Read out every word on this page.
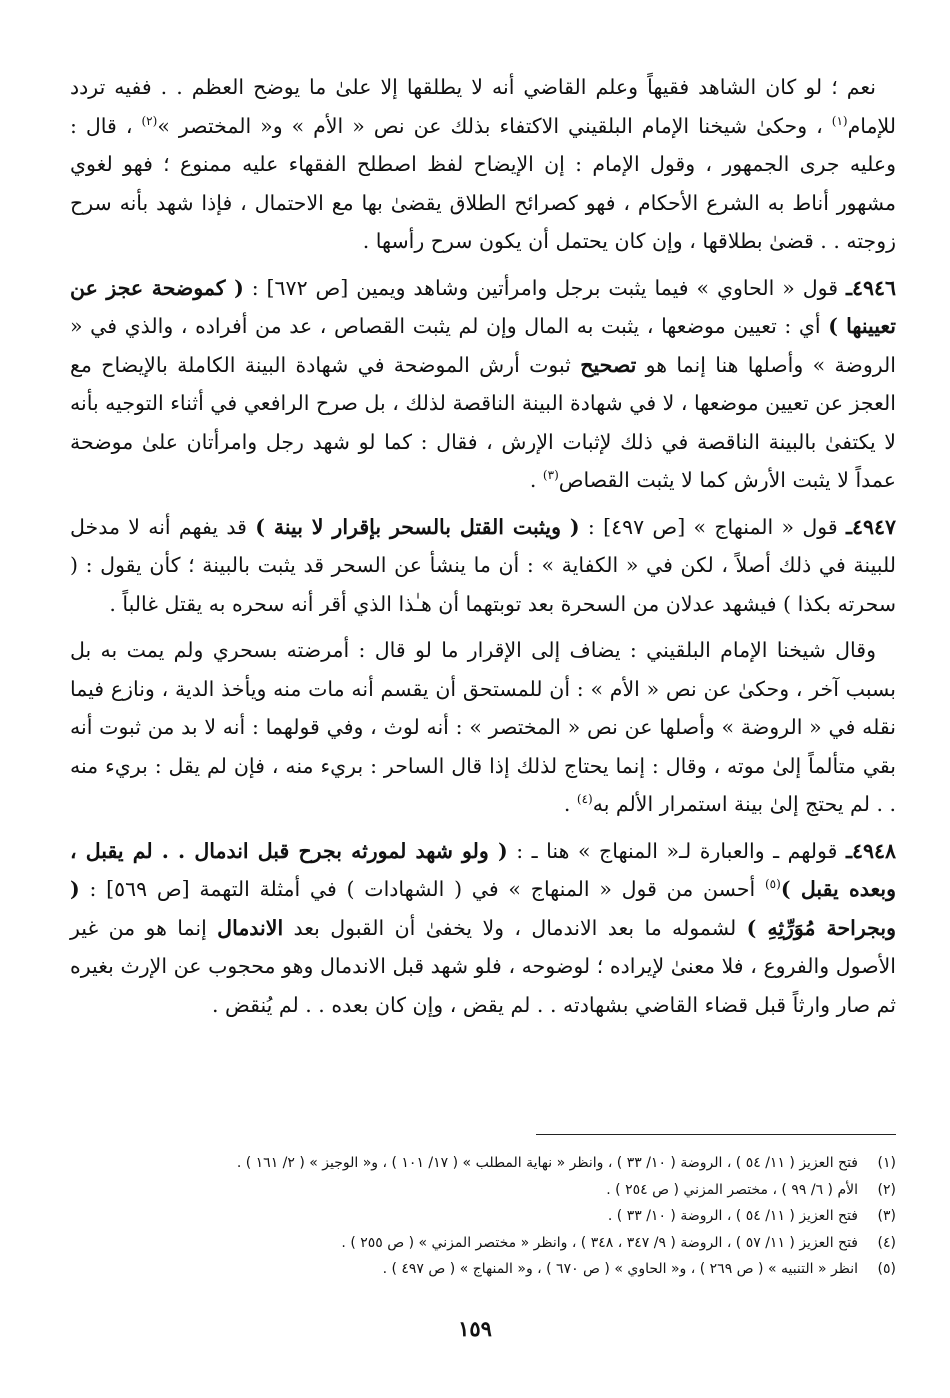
نعم ؛ لو كان الشاهد فقيهاً وعلم القاضي أنه لا يطلقها إلا علىٰ ما يوضح العظم . . ففيه تردد للإمام$^{(١)}$ ، وحكىٰ شيخنا الإمام البلقيني الاكتفاء بذلك عن نص « الأم » و« المختصر »$^{(٢)}$ ، قال : وعليه جرى الجمهور ، وقول الإمام : إن الإيضاح لفظ اصطلح الفقهاء عليه ممنوع ؛ فهو لغوي مشهور أناط به الشرع الأحكام ، فهو كصرائح الطلاق يقضىٰ بها مع الاحتمال ، فإذا شهد بأنه سرح زوجته . . قضىٰ بطلاقها ، وإن كان يحتمل أن يكون سرح رأسها .

٤٩٤٦ـ قول « الحاوي » فيما يثبت برجل وامرأتين وشاهد ويمين [ص ٦٧٢] : ( كموضحة عجز عن تعيينها ) أي : تعيين موضعها ، يثبت به المال وإن لم يثبت القصاص ، عد من أفراده ، والذي في « الروضة » وأصلها هنا إنما هو تصحيح ثبوت أرش الموضحة في شهادة البينة الكاملة بالإيضاح مع العجز عن تعيين موضعها ، لا في شهادة البينة الناقصة لذلك ، بل صرح الرافعي في أثناء التوجيه بأنه لا يكتفىٰ بالبينة الناقصة في ذلك لإثبات الإرش ، فقال : كما لو شهد رجل وامرأتان علىٰ موضحة عمداً لا يثبت الأرش كما لا يثبت القصاص$^{(٣)}$ .

٤٩٤٧ـ قول « المنهاج » [ص ٤٩٧] : ( ويثبت القتل بالسحر بإقرار لا بينة ) قد يفهم أنه لا مدخل للبينة في ذلك أصلاً ، لكن في « الكفاية » : أن ما ينشأ عن السحر قد يثبت بالبينة ؛ كأن يقول : ( سحرته بكذا ) فيشهد عدلان من السحرة بعد توبتهما أن هـٰذا الذي أقر أنه سحره به يقتل غالباً .

وقال شيخنا الإمام البلقيني : يضاف إلى الإقرار ما لو قال : أمرضته بسحري ولم يمت به بل بسبب آخر ، وحكىٰ عن نص « الأم » : أن للمستحق أن يقسم أنه مات منه ويأخذ الدية ، ونازع فيما نقله في « الروضة » وأصلها عن نص « المختصر » : أنه لوث ، وفي قولهما : أنه لا بد من ثبوت أنه بقي متألماً إلىٰ موته ، وقال : إنما يحتاج لذلك إذا قال الساحر : بريء منه ، فإن لم يقل : بريء منه . . لم يحتج إلىٰ بينة استمرار الألم به$^{(٤)}$ .

٤٩٤٨ـ قولهم ـ والعبارة لـ« المنهاج » هنا ـ : ( ولو شهد لمورثه بجرح قبل اندمال . . لم يقبل ، وبعده يقبل )$^{(٥)}$ أحسن من قول « المنهاج » في ( الشهادات ) في أمثلة التهمة [ص ٥٦٩] : ( وبجراحة مُوَرِّثِهِ ) لشموله ما بعد الاندمال ، ولا يخفىٰ أن القبول بعد الاندمال إنما هو من غير الأصول والفروع ، فلا معنىٰ لإيراده ؛ لوضوحه ، فلو شهد قبل الاندمال وهو محجوب عن الإرث بغيره ثم صار وارثاً قبل قضاء القاضي بشهادته . . لم يقض ، وإن كان بعده . . لم يُنقض .

(١)
فتح العزيز ( ١١/ ٥٤ ) ، الروضة ( ١٠/ ٣٣ ) ، وانظر « نهاية المطلب » ( ١٧/ ١٠١ ) ، و« الوجيز » ( ٢/ ١٦١ ) .
(٢)
الأم ( ٦/ ٩٩ ) ، مختصر المزني ( ص ٢٥٤ ) .
(٣)
فتح العزيز ( ١١/ ٥٤ ) ، الروضة ( ١٠/ ٣٣ ) .
(٤)
فتح العزيز ( ١١/ ٥٧ ) ، الروضة ( ٩/ ٣٤٧ ، ٣٤٨ ) ، وانظر « مختصر المزني » ( ص ٢٥٥ ) .
(٥)
انظر « التنبيه » ( ص ٢٦٩ ) ، و« الحاوي » ( ص ٦٧٠ ) ، و« المنهاج » ( ص ٤٩٧ ) .
١٥٩
